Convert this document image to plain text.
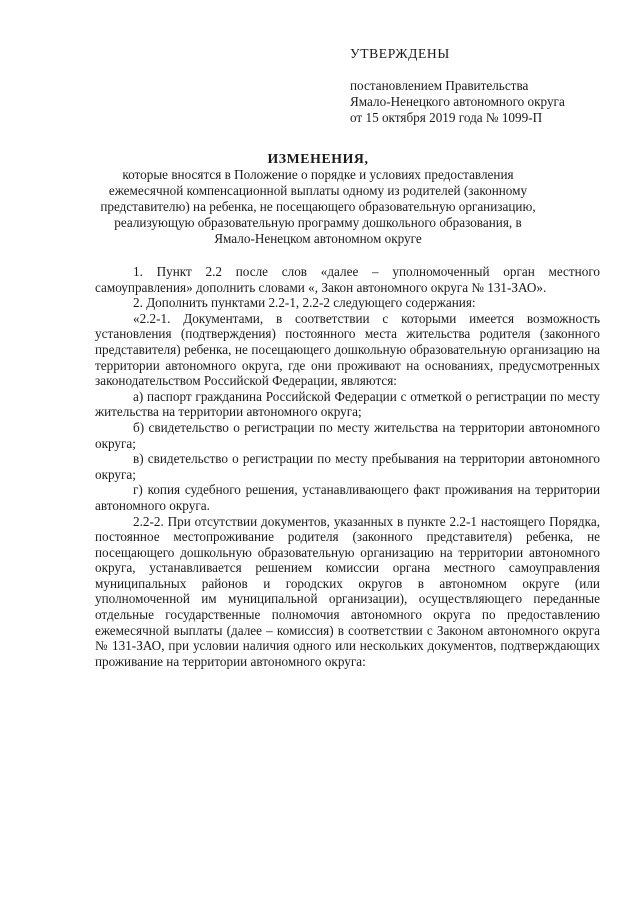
УТВЕРЖДЕНЫ
постановлением Правительства
Ямало-Ненецкого автономного округа
от 15 октября 2019 года № 1099-П
ИЗМЕНЕНИЯ,
которые вносятся в Положение о порядке и условиях предоставления ежемесячной компенсационной выплаты одному из родителей (законному представителю) на ребенка, не посещающего образовательную организацию, реализующую образовательную программу дошкольного образования, в Ямало-Ненецком автономном округе

1. Пункт 2.2 после слов «далее – уполномоченный орган местного самоуправления» дополнить словами «, Закон автономного округа № 131-ЗАО».

2. Дополнить пунктами 2.2-1, 2.2-2 следующего содержания:

«2.2-1. Документами, в соответствии с которыми имеется возможность установления (подтверждения) постоянного места жительства родителя (законного представителя) ребенка, не посещающего дошкольную образовательную организацию на территории автономного округа, где они проживают на основаниях, предусмотренных законодательством Российской Федерации, являются:

а) паспорт гражданина Российской Федерации с отметкой о регистрации по месту жительства на территории автономного округа;

б) свидетельство о регистрации по месту жительства на территории автономного округа;

в) свидетельство о регистрации по месту пребывания на территории автономного округа;

г) копия судебного решения, устанавливающего факт проживания на территории автономного округа.

2.2-2. При отсутствии документов, указанных в пункте 2.2-1 настоящего Порядка, постоянное местопроживание родителя (законного представителя) ребенка, не посещающего дошкольную образовательную организацию на территории автономного округа, устанавливается решением комиссии органа местного самоуправления муниципальных районов и городских округов в автономном округе (или уполномоченной им муниципальной организации), осуществляющего переданные отдельные государственные полномочия автономного округа по предоставлению ежемесячной выплаты (далее – комиссия) в соответствии с Законом автономного округа № 131-ЗАО, при условии наличия одного или нескольких документов, подтверждающих проживание на территории автономного округа:
